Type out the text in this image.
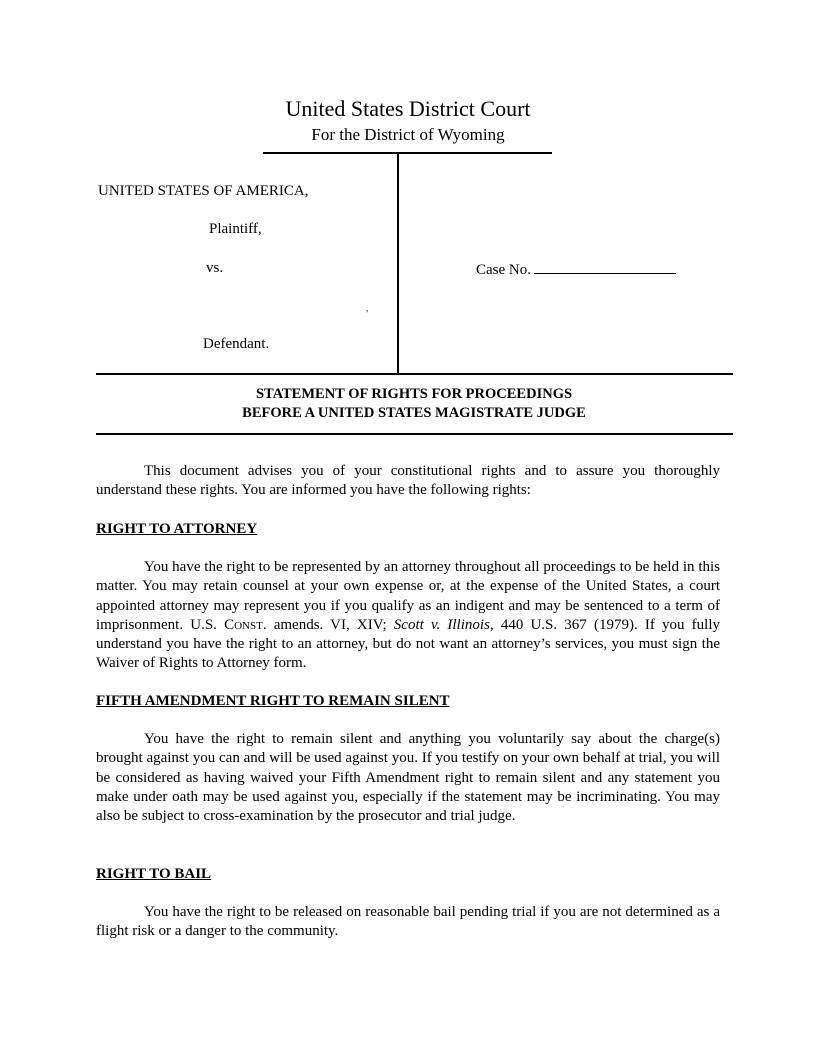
United States District Court
For the District of Wyoming
UNITED STATES OF AMERICA,
Plaintiff,
vs.
,
Defendant.
Case No.
STATEMENT OF RIGHTS FOR PROCEEDINGS
BEFORE A UNITED STATES MAGISTRATE JUDGE
This document advises you of your constitutional rights and to assure you thoroughly understand these rights. You are informed you have the following rights:
RIGHT TO ATTORNEY
You have the right to be represented by an attorney throughout all proceedings to be held in this matter. You may retain counsel at your own expense or, at the expense of the United States, a court appointed attorney may represent you if you qualify as an indigent and may be sentenced to a term of imprisonment. U.S. Const. amends. VI, XIV; Scott v. Illinois, 440 U.S. 367 (1979). If you fully understand you have the right to an attorney, but do not want an attorney’s services, you must sign the Waiver of Rights to Attorney form.
FIFTH AMENDMENT RIGHT TO REMAIN SILENT
You have the right to remain silent and anything you voluntarily say about the charge(s) brought against you can and will be used against you. If you testify on your own behalf at trial, you will be considered as having waived your Fifth Amendment right to remain silent and any statement you make under oath may be used against you, especially if the statement may be incriminating. You may also be subject to cross-examination by the prosecutor and trial judge.
RIGHT TO BAIL
You have the right to be released on reasonable bail pending trial if you are not determined as a flight risk or a danger to the community.
